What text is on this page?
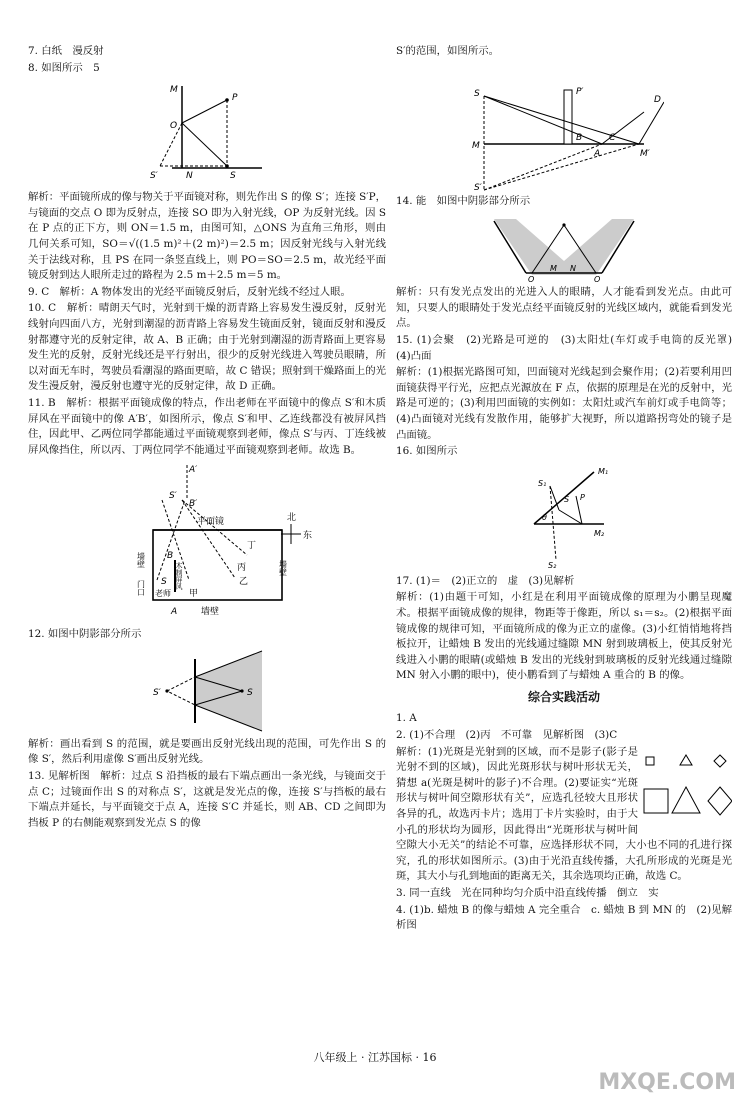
7. 白纸　漫反射

8. 如图所示　5

M
P
O
S′	N	S

解析：平面镜所成的像与物关于平面镜对称，则先作出 S 的像 S′；连接 S′P，与镜面的交点 O 即为反射点，连接 SO 即为入射光线，OP 为反射光线。因 S 在 P 点的正下方，则 ON＝1.5 m，由图可知，△ONS 为直角三角形，则由几何关系可知，SO＝√((1.5 m)²＋(2 m)²)＝2.5 m；因反射光线与入射光线关于法线对称，且 PS 在同一条竖直线上，则 PO＝SO＝2.5 m，故光经平面镜反射到达人眼所走过的路程为 2.5 m＋2.5 m＝5 m。

9. C　解析：A 物体发出的光经平面镜反射后，反射光线不经过人眼。

10. C　解析：晴朗天气时，光射到干燥的沥青路上容易发生漫反射，反射光线射向四面八方，光射到潮湿的沥青路上容易发生镜面反射，镜面反射和漫反射都遵守光的反射定律，故 A、B 正确；由于光射到潮湿的沥青路面上更容易发生光的反射，反射光线还是平行射出，很少的反射光线进入驾驶员眼睛，所以对面无车时，驾驶员看潮湿的路面更暗，故 C 错误；照射到干燥路面上的光发生漫反射，漫反射也遵守光的反射定律，故 D 正确。

11. B　解析：根据平面镜成像的特点，作出老师在平面镜中的像点 S′和木质屏风在平面镜中的像 A′B′，如图所示，像点 S′和甲、乙连线都没有被屏风挡住，因此甲、乙两位同学都能通过平面镜观察到老师，像点 S′与丙、丁连线被屏风像挡住，所以丙、丁两位同学不能通过平面镜观察到老师。故选 B。

A′
S′
B′
平面镜	北
东
丁
丙
墙壁
门口
墙壁
B
S
老师
木制屏风
甲
乙
A	墙壁

12. 如图中阴影部分所示

S′	S

解析：画出看到 S 的范围，就是要画出反射光线出现的范围，可先作出 S 的像 S′，然后利用虚像 S′画出反射光线。

13. 见解析图　解析：过点 S 沿挡板的最右下端点画出一条光线，与镜面交于点 C；过镜面作出 S 的对称点 S′，这就是发光点的像，连接 S′与挡板的最右下端点并延长，与平面镜交于点 A，连接 S′C 并延长，则 AB、CD 之间即为挡板 P 的右侧能观察到发光点 S 的像

S′的范围，如图所示。

S	P′
D
M
B	C
M′
A
S′

14. 能　如图中阴影部分所示

M N
O	O

解析：只有发光点发出的光进入人的眼睛，人才能看到发光点。由此可知，只要人的眼睛处于发光点经平面镜反射的光线区域内，就能看到发光点。

15. (1)会聚　(2)光路是可逆的　(3)太阳灶(车灯或手电筒的反光罩)　(4)凸面

解析：(1)根据光路图可知，凹面镜对光线起到会聚作用；(2)若要利用凹面镜获得平行光，应把点光源放在 F 点，依据的原理是在光的反射中，光路是可逆的；(3)利用凹面镜的实例如：太阳灶或汽车前灯或手电筒等；(4)凸面镜对光线有发散作用，能够扩大视野，所以道路拐弯处的镜子是凸面镜。

16. 如图所示

S₁
M₁
S P
θ
M₂
S₂

17. (1)＝　(2)正立的　虚　(3)见解析

解析：(1)由题干可知，小红是在利用平面镜成像的原理为小鹏呈现魔术。根据平面镜成像的规律，物距等于像距，所以 s₁＝s₂。(2)根据平面镜成像的规律可知，平面镜所成的像为正立的虚像。(3)小红悄悄地将挡板拉开，让蜡烛 B 发出的光线通过缝隙 MN 射到玻璃板上，使其反射光线进入小鹏的眼睛(或蜡烛 B 发出的光线射到玻璃板的反射光线通过缝隙 MN 射入小鹏的眼中)，使小鹏看到了与蜡烛 A 重合的 B 的像。

综合实践活动

1. A

2. (1)不合理　(2)丙　不可靠　见解析图　(3)C

解析：(1)光斑是光射到的区域，而不是影子(影子是光射不到的区域)，因此光斑形状与树叶形状无关，猜想 a(光斑是树叶的影子)不合理。(2)要证实“光斑形状与树叶间空隙形状有关”，应选孔径较大且形状各异的孔，故选丙卡片；选用丁卡片实验时，由于大小孔的形状均为圆形，因此得出“光斑形状与树叶间空隙大小无关”的结论不可靠，应选择形状不同，大小也不同的孔进行探究，孔的形状如图所示。(3)由于光沿直线传播，大孔所形成的光斑是光斑，其大小与孔到地面的距离无关，其余选项均正确，故选 C。

3. 同一直线　光在同种均匀介质中沿直线传播　倒立　实

4. (1)b. 蜡烛 B 的像与蜡烛 A 完全重合　c. 蜡烛 B 到 MN 的　(2)见解析图

八年级上 · 江苏国标 · 16
MXQE.COM
